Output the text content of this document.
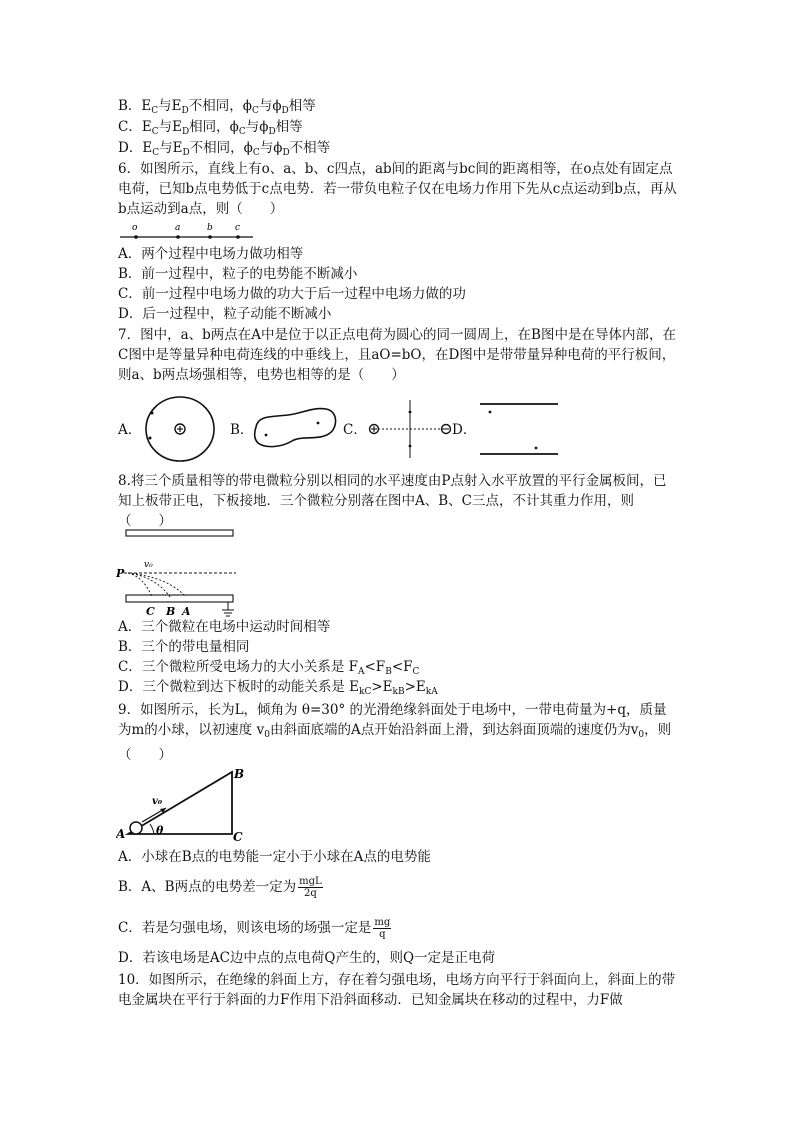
B．$E_C$与$E_D$不相同，$\phi_C$与$\phi_D$相等
C．$E_C$与$E_D$相同，$\phi_C$与$\phi_D$相等
D．$E_C$与$E_D$不相同，$\phi_C$与$\phi_D$不相等
6．如图所示，直线上有o、a、b、c四点，ab间的距离与bc间的距离相等，在o点处有固定点电荷，已知b点电势低于c点电势．若一带负电粒子仅在电场力作用下先从c点运动到b点，再从b点运动到a点，则（　　）
o	a	b c
A．两个过程中电场力做功相等
B．前一过程中，粒子的电势能不断减小
C．前一过程中电场力做的功大于后一过程中电场力做的功
D．后一过程中，粒子动能不断减小
7．图中，a、b两点在A中是位于以正点电荷为圆心的同一圆周上，在B图中是在导体内部，在C图中是等量异种电荷连线的中垂线上，且aO=bO，在D图中是带带量异种电荷的平行板间，则a、b两点场强相等，电势也相等的是（　　）
A．	B．	C．	D．
8.将三个质量相等的带电微粒分别以相同的水平速度由P点射入水平放置的平行金属板间，已知上板带正电，下板接地．三个微粒分别落在图中A、B、C三点，不计其重力作用，则（　　）
P
v₀
C B A
A．三个微粒在电场中运动时间相等
B．三个的带电量相同
C．三个微粒所受电场力的大小关系是 $F_A<F_B<F_C$
D．三个微粒到达下板时的动能关系是 $E_{kC}>E_{kB}>E_{kA}$
9．如图所示，长为L，倾角为 θ=30° 的光滑绝缘斜面处于电场中，一带电荷量为+q，质量为m的小球，以初速度 $v_0$由斜面底端的A点开始沿斜面上滑，到达斜面顶端的速度仍为$v_0$，则（　　）
A
B
C
v₀
θ
A．小球在B点的电势能一定小于小球在A点的电势能
B．A、B两点的电势差一定为 $\frac{\text{mgL}}{2q}$
C．若是匀强电场，则该电场的场强一定是 $\frac{mg}{q}$
D．若该电场是AC边中点的点电荷Q产生的，则Q一定是正电荷
10．如图所示，在绝缘的斜面上方，存在着匀强电场，电场方向平行于斜面向上，斜面上的带电金属块在平行于斜面的力F作用下沿斜面移动．已知金属块在移动的过程中，力F做
